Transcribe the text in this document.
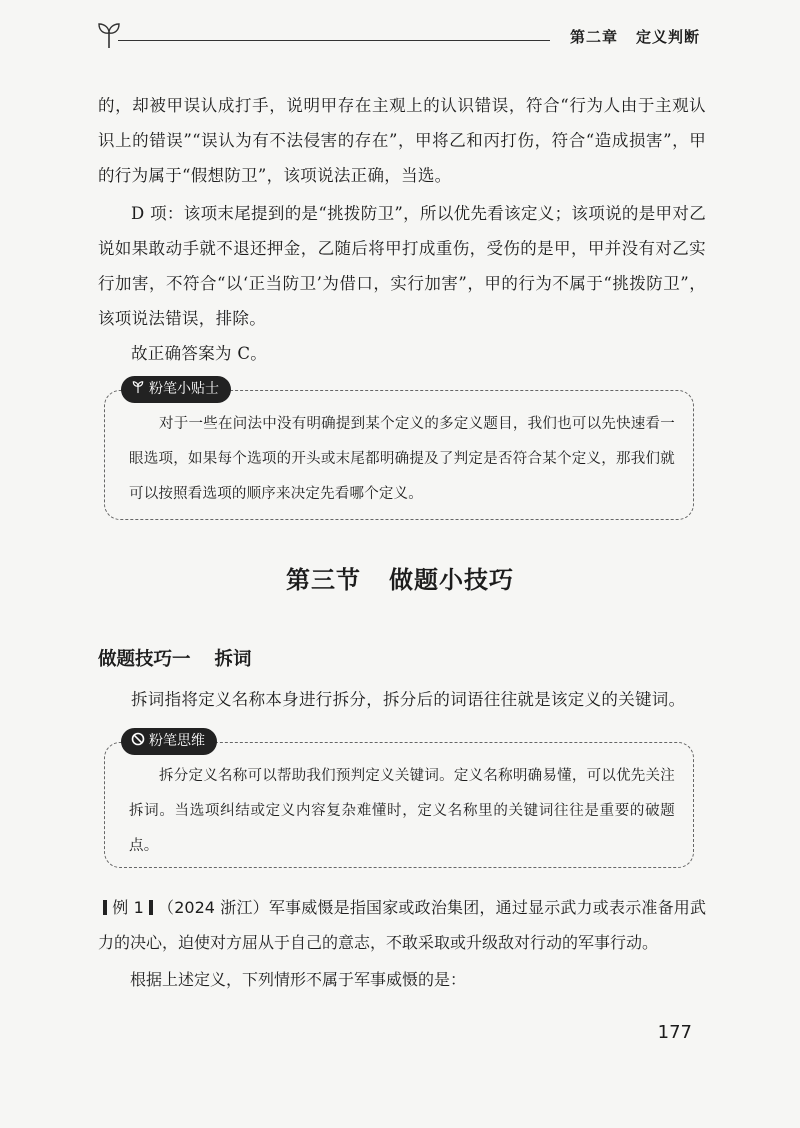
第二章 定义判断
的，却被甲误认成打手，说明甲存在主观上的认识错误，符合“行为人由于主观认识上的错误”“误认为有不法侵害的存在”，甲将乙和丙打伤，符合“造成损害”，甲的行为属于“假想防卫”，该项说法正确，当选。
D 项：该项末尾提到的是“挑拨防卫”，所以优先看该定义；该项说的是甲对乙说如果敢动手就不退还押金，乙随后将甲打成重伤，受伤的是甲，甲并没有对乙实行加害，不符合“以‘正当防卫’为借口，实行加害”，甲的行为不属于“挑拨防卫”，该项说法错误，排除。
故正确答案为 C。
粉笔小贴士
对于一些在问法中没有明确提到某个定义的多定义题目，我们也可以先快速看一眼选项，如果每个选项的开头或末尾都明确提及了判定是否符合某个定义，那我们就可以按照看选项的顺序来决定先看哪个定义。
第三节 做题小技巧
做题技巧一 拆词
拆词指将定义名称本身进行拆分，拆分后的词语往往就是该定义的关键词。
粉笔思维
拆分定义名称可以帮助我们预判定义关键词。定义名称明确易懂，可以优先关注拆词。当选项纠结或定义内容复杂难懂时，定义名称里的关键词往往是重要的破题点。
例 1 （2024 浙江）军事威慑是指国家或政治集团，通过显示武力或表示准备用武力的决心，迫使对方屈从于自己的意志，不敢采取或升级敌对行动的军事行动。
根据上述定义，下列情形不属于军事威慑的是：
177
